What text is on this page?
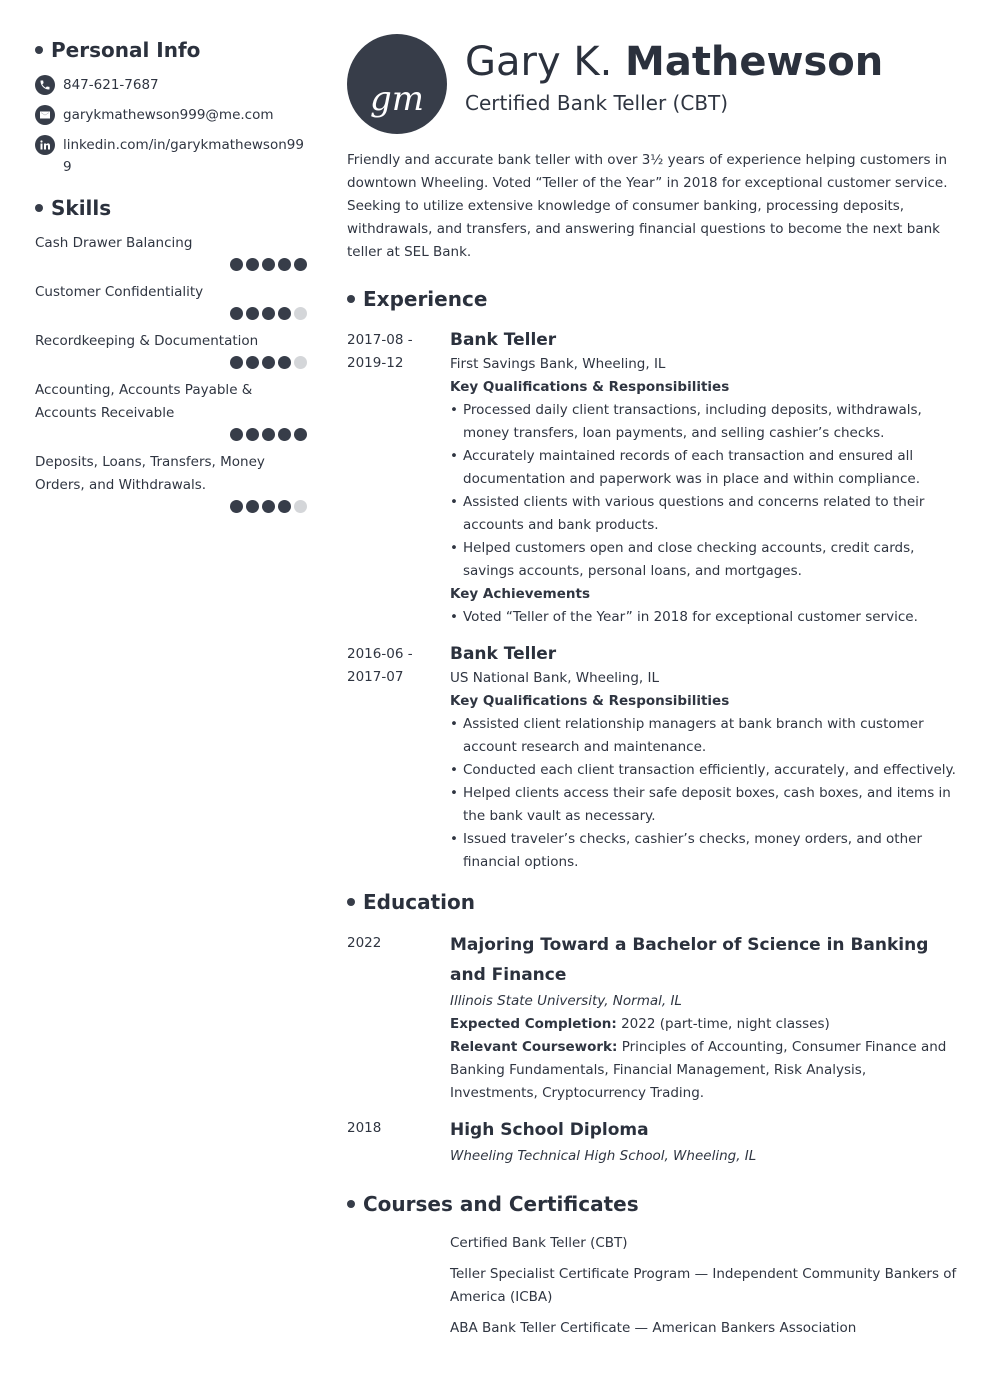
Personal Info
847-621-7687
garykmathewson999@me.com
linkedin.com/in/garykmathewson999
Skills
Cash Drawer Balancing
Customer Confidentiality
Recordkeeping & Documentation
Accounting, Accounts Payable & Accounts Receivable
Deposits, Loans, Transfers, Money Orders, and Withdrawals.
gm
Gary K. Mathewson
Certified Bank Teller (CBT)

Friendly and accurate bank teller with over 3½ years of experience helping customers in downtown Wheeling. Voted “Teller of the Year” in 2018 for exceptional customer service. Seeking to utilize extensive knowledge of consumer banking, processing deposits, withdrawals, and transfers, and answering financial questions to become the next bank teller at SEL Bank.

Experience
2017-08 -
2019-12
Bank Teller
First Savings Bank, Wheeling, IL
Key Qualifications & Responsibilities
• Processed daily client transactions, including deposits, withdrawals, money transfers, loan payments, and selling cashier’s checks.
• Accurately maintained records of each transaction and ensured all documentation and paperwork was in place and within compliance.
• Assisted clients with various questions and concerns related to their accounts and bank products.
• Helped customers open and close checking accounts, credit cards, savings accounts, personal loans, and mortgages.
Key Achievements
• Voted “Teller of the Year” in 2018 for exceptional customer service.
2016-06 -
2017-07
Bank Teller
US National Bank, Wheeling, IL
Key Qualifications & Responsibilities
• Assisted client relationship managers at bank branch with customer account research and maintenance.
• Conducted each client transaction efficiently, accurately, and effectively.
• Helped clients access their safe deposit boxes, cash boxes, and items in the bank vault as necessary.
• Issued traveler’s checks, cashier’s checks, money orders, and other financial options.
Education
2022	Majoring Toward a Bachelor of Science in Banking and Finance
Illinois State University, Normal, IL
Expected Completion: 2022 (part-time, night classes)
Relevant Coursework: Principles of Accounting, Consumer Finance and Banking Fundamentals, Financial Management, Risk Analysis, Investments, Cryptocurrency Trading.
2018	High School Diploma
Wheeling Technical High School, Wheeling, IL
Courses and Certificates
Certified Bank Teller (CBT)
Teller Specialist Certificate Program — Independent Community Bankers of America (ICBA)
ABA Bank Teller Certificate — American Bankers Association
